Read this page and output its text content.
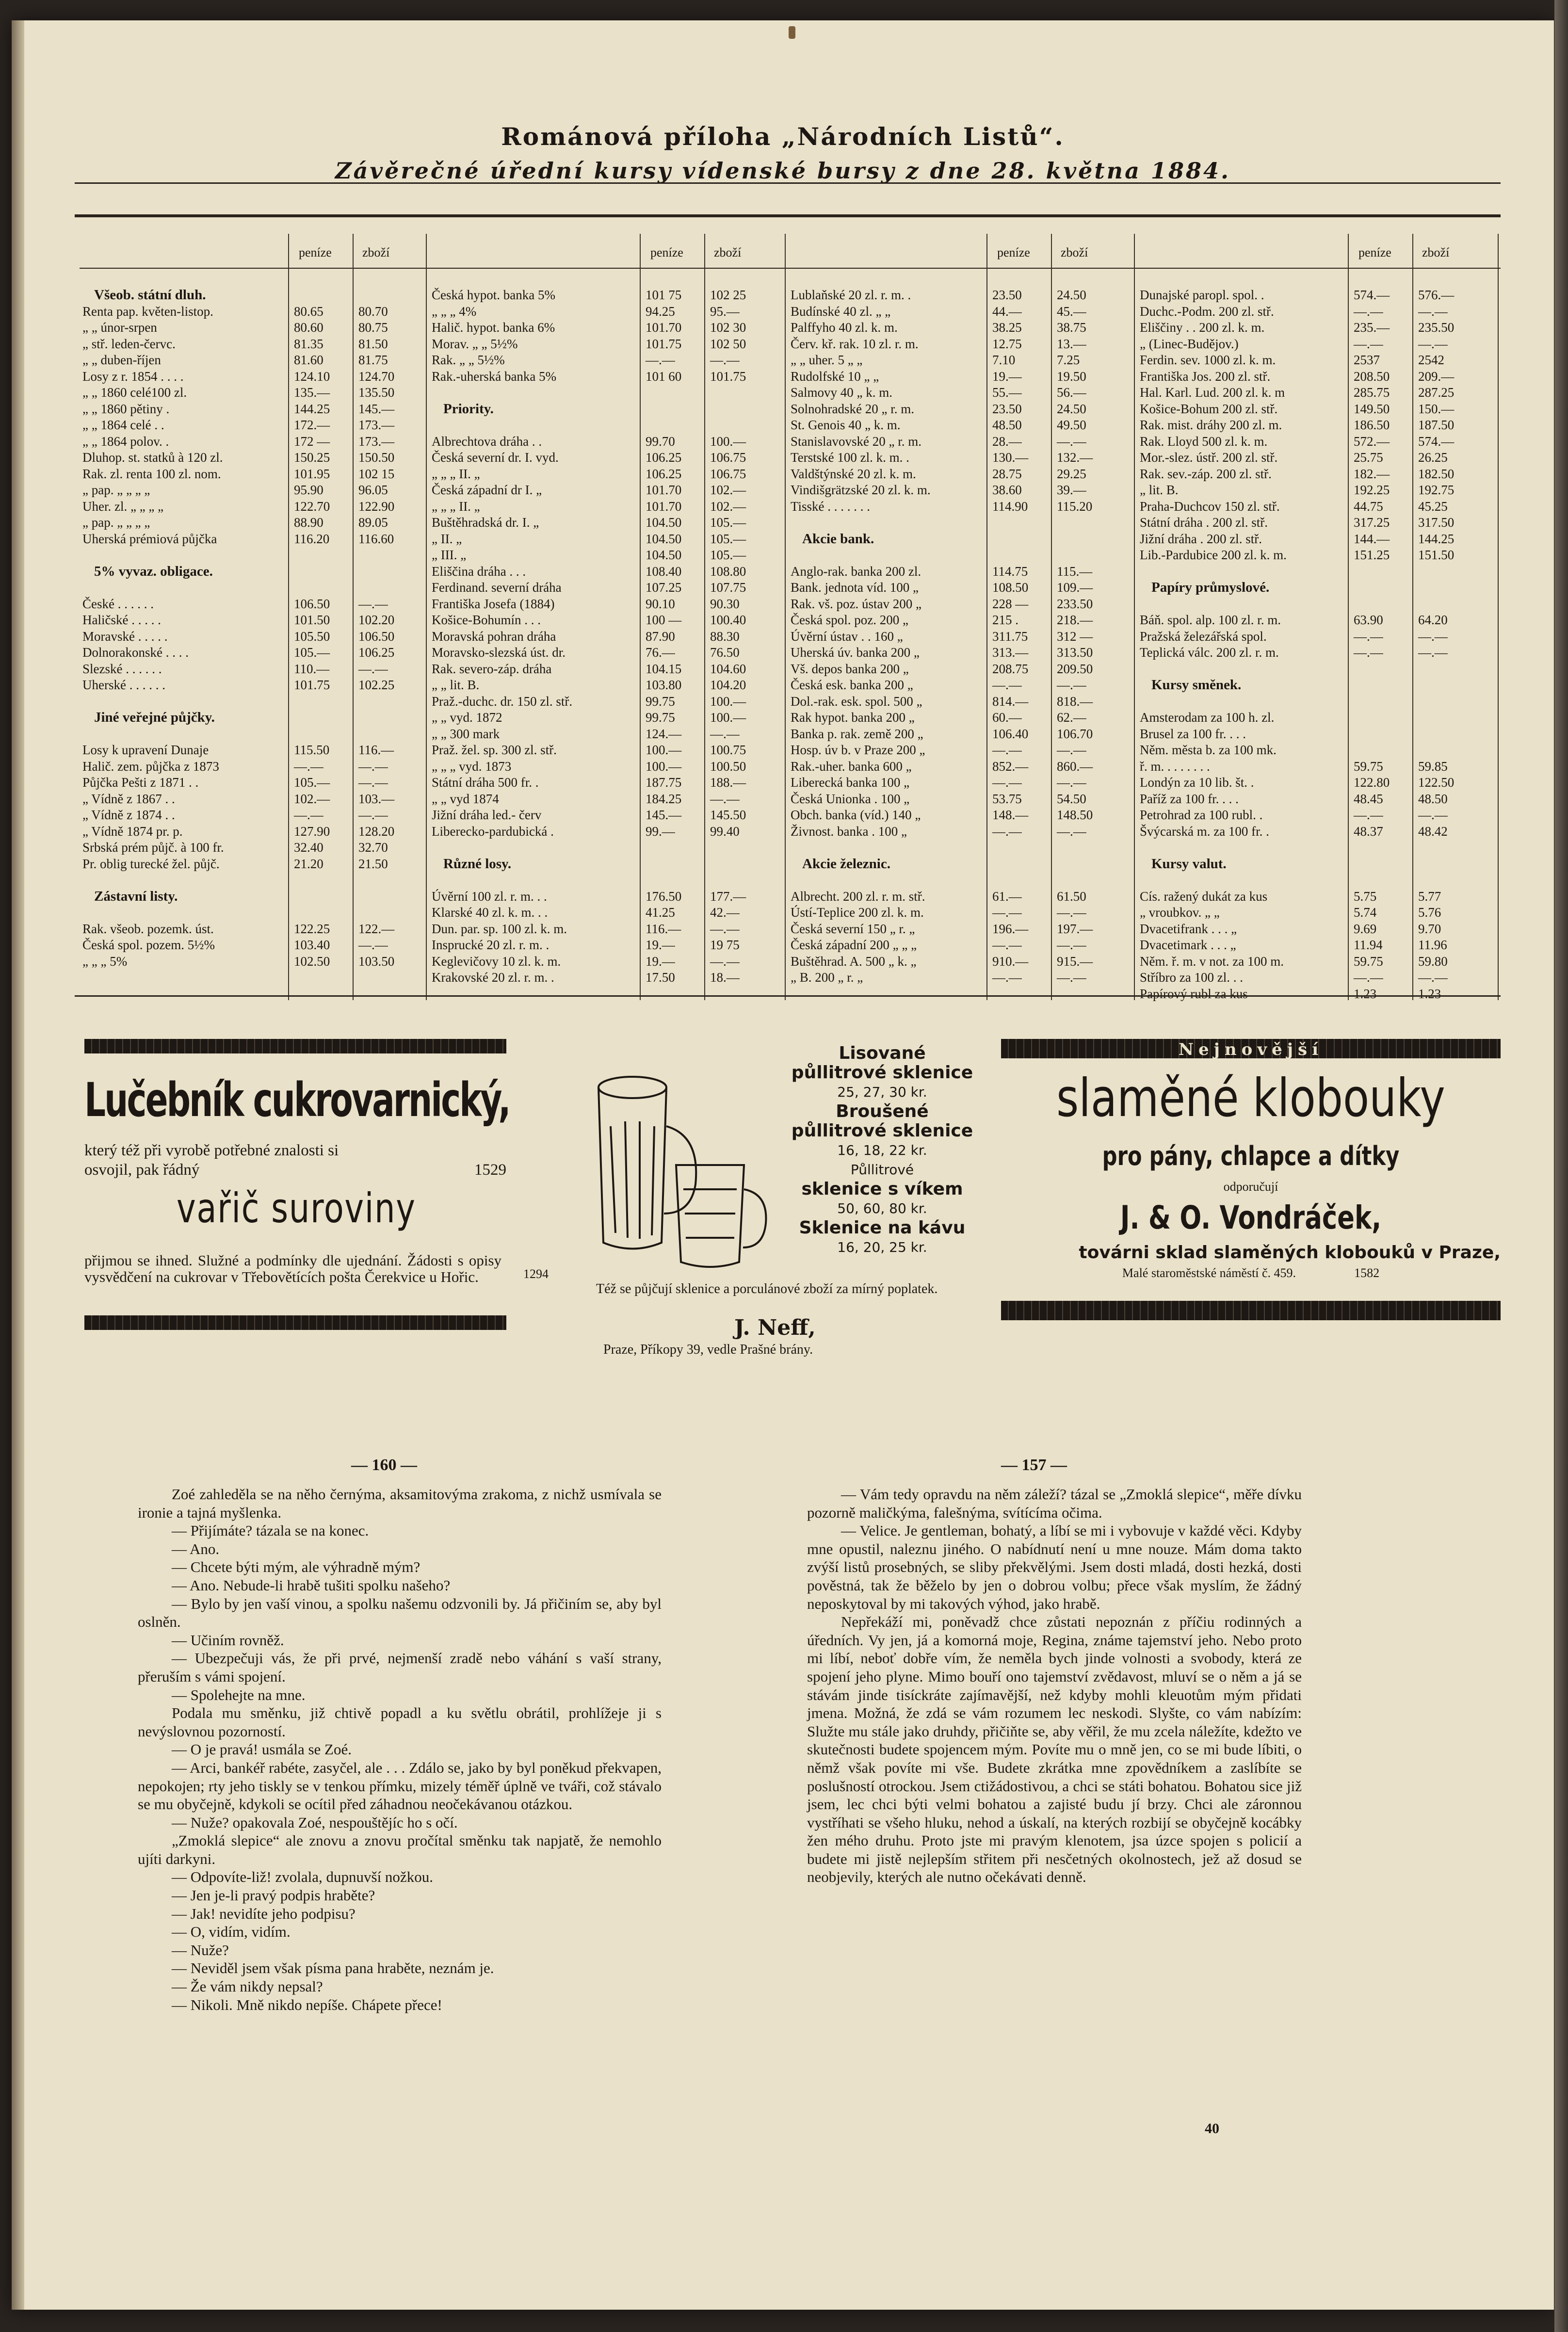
Románová příloha „Národních Listů“.
Závěrečné úřední kursy vídenské bursy z dne 28. května 1884.
peníze zboží
Všeob. státní dluh.
Renta pap. květen-listop.	80.65	80.70
„ „ únor-srpen	80.60	80.75
„ stř. leden-červc.	81.35	81.50
„ „ duben-říjen	81.60	81.75
Losy z r. 1854 . . . .	124.10 124.70
„ „ 1860 celé100 zl.	135.— 135.50
„ „ 1860 pětiny .	144.25 145.—
„ „ 1864 celé . .	172.— 173.—
„ „ 1864 polov. .	172 — 173.—
Dluhop. st. statků à 120 zl.	150.25 150.50
Rak. zl. renta 100 zl. nom.	101.95 102 15
„ pap. „ „ „ „	95.90	96.05
Uher. zl. „ „ „ „	122.70 122.90
„ pap. „ „ „ „	88.90	89.05
Uherská prémiová půjčka	116.20 116.60
5% vyvaz. obligace.
České . . . . . .	106.50 —.—
Haličské . . . . .	101.50 102.20
Moravské . . . . .	105.50 106.50
Dolnorakonské . . . .	105.— 106.25
Slezské . . . . . .	110.— —.—
Uherské . . . . . .	101.75 102.25
Jiné veřejné půjčky.
Losy k upravení Dunaje	115.50 116.—
Halič. zem. půjčka z 1873	—.—	—.—
Půjčka Pešti z 1871 . .	105.— —.—
„ Vídně z 1867 . .	102.— 103.—
„ Vídně z 1874 . .	—.—	—.—
„ Vídně 1874 pr. p.	127.90 128.20
Srbská prém půjč. à 100 fr.	32.40	32.70
Pr. oblig turecké žel. půjč.	21.20	21.50
Zástavní listy.
Rak. všeob. pozemk. úst.	122.25 122.—
Česká spol. pozem. 5½%	103.40 —.—
„ „ „ 5%	102.50 103.50
peníze zboží
Česká hypot. banka 5%	101 75 102 25
„ „ „ 4%	94.25	95.—
Halič. hypot. banka 6%	101.70 102 30
Morav. „ „ 5½%	101.75 102 50
Rak. „ „ 5½%	—.—	—.—
Rak.-uherská banka 5%	101 60 101.75
Priority.
Albrechtova dráha . .	99.70	100.—
Česká severní dr. I. vyd.	106.25 106.75
„ „ „ II. „	106.25 106.75
Česká západní dr I. „	101.70 102.—
„ „ „ II. „	101.70 102.—
Buštěhradská dr. I. „	104.50 105.—
„ II. „	104.50 105.—
„ III. „	104.50 105.—
Eliščina dráha . . .	108.40 108.80
Ferdinand. severní dráha	107.25 107.75
Františka Josefa (1884)	90.10	90.30
Košice-Bohumín . . .	100 — 100.40
Moravská pohran dráha	87.90	88.30
Moravsko-slezská úst. dr.	76.—	76.50
Rak. severo-záp. dráha	104.15 104.60
„ „ lit. B.	103.80 104.20
Praž.-duchc. dr. 150 zl. stř.	99.75	100.—
„ „ vyd. 1872	99.75	100.—
„ „ 300 mark	124.— —.—
Praž. žel. sp. 300 zl. stř.	100.— 100.75
„ „ „ vyd. 1873	100.— 100.50
Státní dráha 500 fr. .	187.75 188.—
„ „ vyd 1874	184.25 —.—
Jižní dráha led.- červ	145.— 145.50
Liberecko-pardubická .	99.—	99.40
Různé losy.
Úvěrní 100 zl. r. m. . .	176.50 177.—
Klarské 40 zl. k. m. . .	41.25	42.—
Dun. par. sp. 100 zl. k. m.	116.— —.—
Insprucké 20 zl. r. m. .	19.—	19 75
Keglevičovy 10 zl. k. m.	19.—	—.—
Krakovské 20 zl. r. m. .	17.50	18.—
peníze zboží
Lublaňské 20 zl. r. m. .	23.50	24.50
Budínské 40 zl. „ „	44.—	45.—
Palffyho 40 zl. k. m.	38.25	38.75
Červ. kř. rak. 10 zl. r. m.	12.75	13.—
„ „ uher. 5 „ „	7.10	7.25
Rudolfské 10 „ „	19.—	19.50
Salmovy 40 „ k. m.	55.—	56.—
Solnohradské 20 „ r. m.	23.50	24.50
St. Genois 40 „ k. m.	48.50	49.50
Stanislavovské 20 „ r. m.	28.—	—.—
Terstské 100 zl. k. m. .	130.— 132.—
Valdštýnské 20 zl. k. m.	28.75	29.25
Vindišgrätzské 20 zl. k. m.	38.60	39.—
Tisské . . . . . . .	114.90 115.20
Akcie bank.
Anglo-rak. banka 200 zl.	114.75 115.—
Bank. jednota víd. 100 „	108.50 109.—
Rak. vš. poz. ústav 200 „	228 — 233.50
Česká spol. poz. 200 „	215 .	218.—
Úvěrní ústav . . 160 „	311.75 312 —
Uherská úv. banka 200 „	313.— 313.50
Vš. depos banka 200 „	208.75 209.50
Česká esk. banka 200 „	—.—	—.—
Dol.-rak. esk. spol. 500 „	814.— 818.—
Rak hypot. banka 200 „	60.—	62.—
Banka p. rak. země 200 „	106.40 106.70
Hosp. úv b. v Praze 200 „	—.—	—.—
Rak.-uher. banka 600 „	852.— 860.—
Liberecká banka 100 „	—.—	—.—
Česká Unionka . 100 „	53.75	54.50
Obch. banka (víd.) 140 „	148.— 148.50
Živnost. banka . 100 „	—.—	—.—
Akcie železnic.
Albrecht. 200 zl. r. m. stř.	61.—	61.50
Ústí-Teplice 200 zl. k. m.	—.—	—.—
Česká severní 150 „ r. „	196.— 197.—
Česká západní 200 „ „ „	—.—	—.—
Buštěhrad. A. 500 „ k. „	910.— 915.—
„ B. 200 „ r. „	—.—	—.—
peníze zboží
Dunajské paropl. spol. .	574.— 576.—
Duchc.-Podm. 200 zl. stř.	—.—	—.—
Eliščiny . . 200 zl. k. m.	235.— 235.50
„ (Linec-Budějov.)	—.—	—.—
Ferdin. sev. 1000 zl. k. m.	2537	2542
Františka Jos. 200 zl. stř.	208.50 209.—
Hal. Karl. Lud. 200 zl. k. m	285.75 287.25
Košice-Bohum 200 zl. stř.	149.50 150.—
Rak. mist. dráhy 200 zl. m.	186.50 187.50
Rak. Lloyd 500 zl. k. m.	572.— 574.—
Mor.-slez. ústř. 200 zl. stř.	25.75	26.25
Rak. sev.-záp. 200 zl. stř.	182.— 182.50
„ lit. B.	192.25 192.75
Praha-Duchcov 150 zl. stř.	44.75	45.25
Státní dráha . 200 zl. stř.	317.25 317.50
Jižní dráha . 200 zl. stř.	144.— 144.25
Lib.-Pardubice 200 zl. k. m.	151.25 151.50
Papíry průmyslové.
Báň. spol. alp. 100 zl. r. m.	63.90	64.20
Pražská železářská spol.	—.—	—.—
Teplická válc. 200 zl. r. m.	—.—	—.—
Kursy směnek.
Amsterodam za 100 h. zl.
Brusel za 100 fr. . . .
Něm. města b. za 100 mk.
ř. m. . . . . . . .	59.75	59.85
Londýn za 10 lib. št. .	122.80 122.50
Paříž za 100 fr. . . .	48.45	48.50
Petrohrad za 100 rubl. .	—.—	—.—
Švýcarská m. za 100 fr. .	48.37	48.42
Kursy valut.
Cís. ražený dukát za kus	5.75	5.77
„ vroubkov. „ „	5.74	5.76
Dvacetifrank . . . „	9.69	9.70
Dvacetimark . . . „	11.94	11.96
Něm. ř. m. v not. za 100 m.	59.75	59.80
Stříbro za 100 zl. . .	—.—	—.—
Papírový rubl za kus	1.23	1.23
Lučebník cukrovarnický,
který též při vyrobě potřebné znalosti si
osvojil, pak řádný	1529
vařič suroviny
přijmou se ihned. Služné a podmínky dle ujednání. Žádosti s opisy vysvědčení na cukrovar v Třebovětících pošta Čerekvice u Hořic.
Lisované
půllitrové sklenice
25, 27, 30 kr.
Broušené
půllitrové sklenice
16, 18, 22 kr.
Půllitrové
sklenice s víkem
50, 60, 80 kr.
Sklenice na kávu
16, 20, 25 kr.
1294
Též se půjčují sklenice a porculánové zboží za mírný poplatek.
J. Neff,
Praze, Příkopy 39, vedle Prašné brány.
Nejnovější
slaměné klobouky
pro pány, chlapce a dítky
odporučují
J. & O. Vondráček,
továrni sklad slaměných klobouků v Praze,
Malé staroměstské náměstí č. 459.	1582
— 160 —	— 157 —

Zoé zahleděla se na něho černýma, aksamitovýma zrakoma, z nichž usmívala se ironie a tajná myšlenka.

— Přijímáte? tázala se na konec.

— Ano.

— Chcete býti mým, ale výhradně mým?

— Ano. Nebude-li hrabě tušiti spolku našeho?

— Bylo by jen vaší vinou, a spolku našemu odzvonili by. Já přičiním se, aby byl oslněn.

— Učiním rovněž.

— Ubezpečuji vás, že při prvé, nejmenší zradě nebo váhání s vaší strany, přeruším s vámi spojení.

— Spolehejte na mne.

Podala mu směnku, již chtivě popadl a ku světlu obrátil, prohlížeje ji s nevýslovnou pozorností.

— O je pravá! usmála se Zoé.

— Arci, bankéř rabéte, zasyčel, ale . . . Zdálo se, jako by byl poněkud překvapen, nepokojen; rty jeho tiskly se v tenkou přímku, mizely téměř úplně ve tváři, což stávalo se mu obyčejně, kdykoli se ocítil před záhadnou neočekávanou otázkou.

— Nuže? opakovala Zoé, nespouštějíc ho s očí.

„Zmoklá slepice“ ale znovu a znovu pročítal směnku tak napjatě, že nemohlo ujíti darkyni.

— Odpovíte-liž! zvolala, dupnuvší nožkou.

— Jen je-li pravý podpis hraběte?

— Jak! nevidíte jeho podpisu?

— O, vidím, vidím.

— Nuže?

— Neviděl jsem však písma pana hraběte, neznám je.

— Že vám nikdy nepsal?

— Nikoli. Mně nikdo nepíše. Chápete přece!

— Vám tedy opravdu na něm záleží? tázal se „Zmoklá slepice“, měře dívku pozorně maličkýma, falešnýma, svítícíma očima.

— Velice. Je gentleman, bohatý, a líbí se mi i vybovuje v každé věci. Kdyby mne opustil, naleznu jiného. O nabídnutí není u mne nouze. Mám doma takto zvýší listů prosebných, se sliby překvělými. Jsem dosti mladá, dosti hezká, dosti pověstná, tak že běželo by jen o dobrou volbu; přece však myslím, že žádný neposkytoval by mi takových výhod, jako hrabě.

Nepřekáží mi, poněvadž chce zůstati nepoznán z příčiu rodinných a úředních. Vy jen, já a komorná moje, Regina, známe tajemství jeho. Nebo proto mi líbí, neboť dobře vím, že neměla bych jinde volnosti a svobody, která ze spojení jeho plyne. Mimo bouří ono tajemství zvědavost, mluví se o něm a já se stávám jinde tisíckráte zajímavější, než kdyby mohli kleuotům mým přidati jmena. Možná, že zdá se vám rozumem lec neskodi. Slyšte, co vám nabízím: Služte mu stále jako druhdy, přičiňte se, aby věřil, že mu zcela náležíte, kdežto ve skutečnosti budete spojencem mým. Povíte mu o mně jen, co se mi bude líbiti, o němž však povíte mi vše. Budete zkrátka mne zpovědníkem a zaslíbíte se poslušností otrockou. Jsem ctižádostivou, a chci se státi bohatou. Bohatou sice již jsem, lec chci býti velmi bohatou a zajisté budu jí brzy. Chci ale záronnou vystříhati se všeho hluku, nehod a úskalí, na kterých rozbijí se obyčejně kocábky žen mého druhu. Proto jste mi pravým klenotem, jsa úzce spojen s policií a budete mi jistě nejlepším střitem při nesčetných okolnostech, jež až dosud se neobjevily, kterých ale nutno očekávati denně.

40
